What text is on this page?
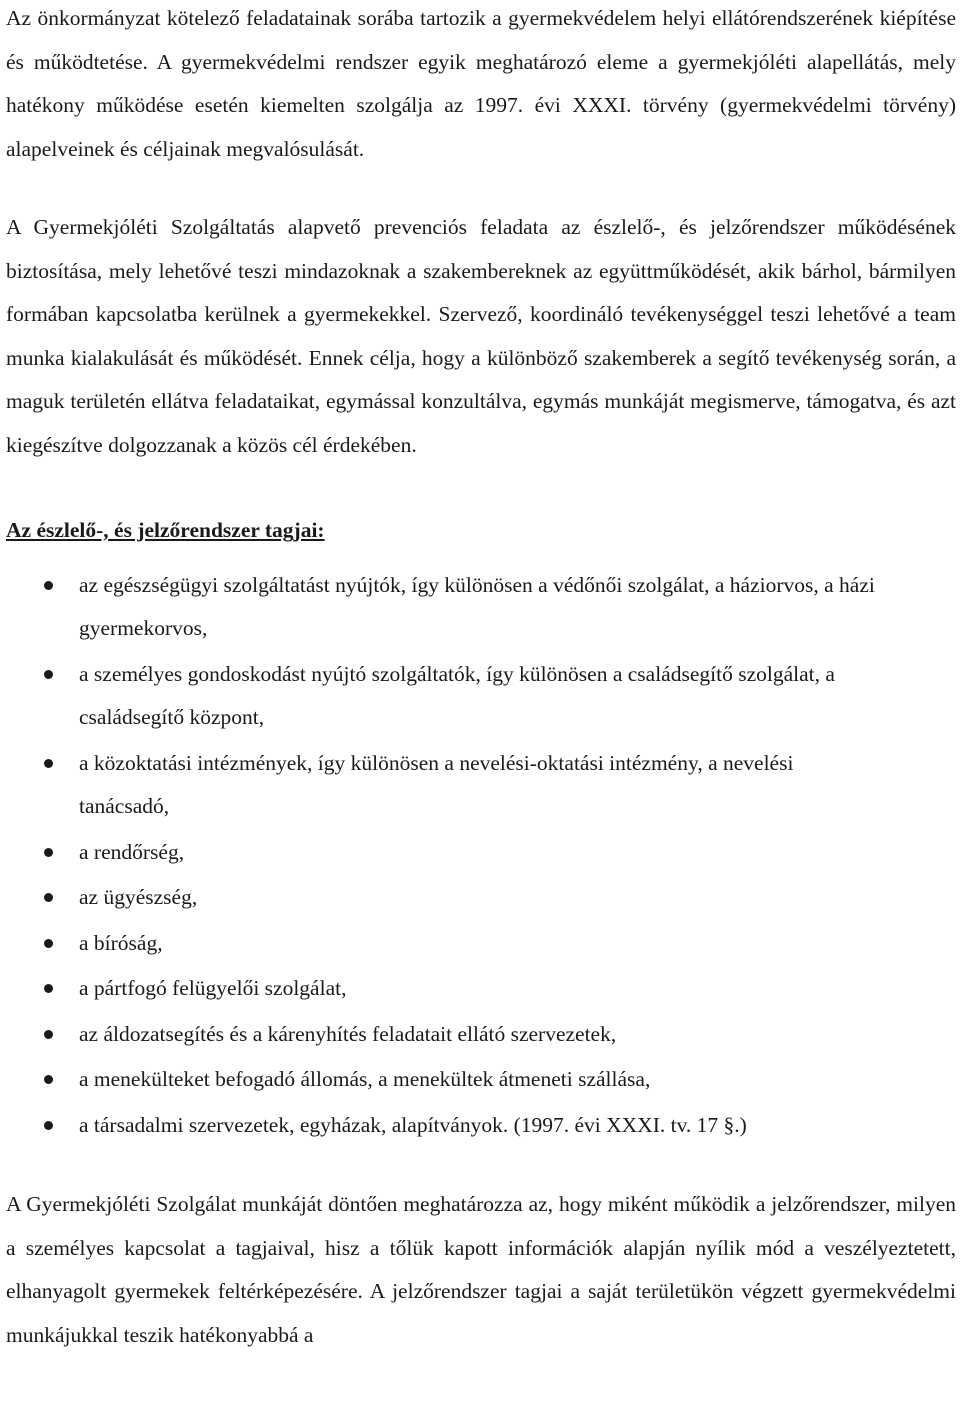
Az önkormányzat kötelező feladatainak sorába tartozik a gyermekvédelem helyi ellátórendszerének kiépítése és működtetése. A gyermekvédelmi rendszer egyik meghatározó eleme a gyermekjóléti alapellátás, mely hatékony működése esetén kiemelten szolgálja az 1997. évi XXXI. törvény (gyermekvédelmi törvény) alapelveinek és céljainak megvalósulását.

A Gyermekjóléti Szolgáltatás alapvető prevenciós feladata az észlelő-, és jelzőrendszer működésének biztosítása, mely lehetővé teszi mindazoknak a szakembereknek az együttműködését, akik bárhol, bármilyen formában kapcsolatba kerülnek a gyermekekkel. Szervező, koordináló tevékenységgel teszi lehetővé a team munka kialakulását és működését. Ennek célja, hogy a különböző szakemberek a segítő tevékenység során, a maguk területén ellátva feladataikat, egymással konzultálva, egymás munkáját megismerve, támogatva, és azt kiegészítve dolgozzanak a közös cél érdekében.

Az észlelő-, és jelzőrendszer tagjai:
az egészségügyi szolgáltatást nyújtók, így különösen a védőnői szolgálat, a háziorvos, a házi gyermekorvos,
a személyes gondoskodást nyújtó szolgáltatók, így különösen a családsegítő szolgálat, a családsegítő központ,
a közoktatási intézmények, így különösen a nevelési-oktatási intézmény, a nevelési tanácsadó,
a rendőrség,
az ügyészség,
a bíróság,
a pártfogó felügyelői szolgálat,
az áldozatsegítés és a kárenyhítés feladatait ellátó szervezetek,
a menekülteket befogadó állomás, a menekültek átmeneti szállása,
a társadalmi szervezetek, egyházak, alapítványok. (1997. évi XXXI. tv. 17 §.)

A Gyermekjóléti Szolgálat munkáját döntően meghatározza az, hogy miként működik a jelzőrendszer, milyen a személyes kapcsolat a tagjaival, hisz a tőlük kapott információk alapján nyílik mód a veszélyeztetett, elhanyagolt gyermekek feltérképezésére. A jelzőrendszer tagjai a saját területükön végzett gyermekvédelmi munkájukkal teszik hatékonyabbá a
